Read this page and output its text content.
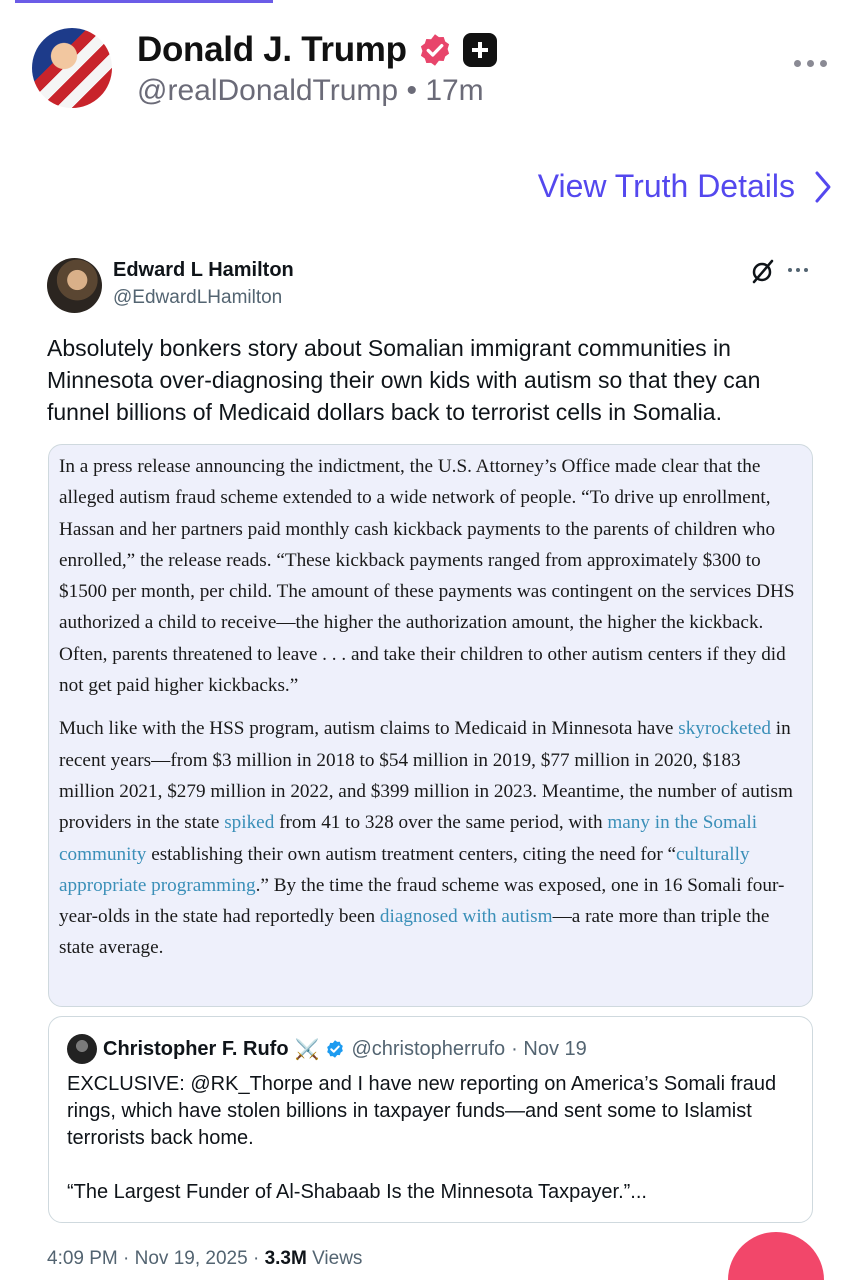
Donald J. Trump
@realDonaldTrump • 17m
View Truth Details
Edward L Hamilton
@EdwardLHamilton
Absolutely bonkers story about Somalian immigrant communities in Minnesota over-diagnosing their own kids with autism so that they can funnel billions of Medicaid dollars back to terrorist cells in Somalia.

In a press release announcing the indictment, the U.S. Attorney’s Office made clear that the alleged autism fraud scheme extended to a wide network of people. “To drive up enrollment, Hassan and her partners paid monthly cash kickback payments to the parents of children who enrolled,” the release reads. “These kickback payments ranged from approximately $300 to $1500 per month, per child. The amount of these payments was contingent on the services DHS authorized a child to receive—the higher the authorization amount, the higher the kickback. Often, parents threatened to leave . . . and take their children to other autism centers if they did not get paid higher kickbacks.”

Much like with the HSS program, autism claims to Medicaid in Minnesota have skyrocketed in recent years—from $3 million in 2018 to $54 million in 2019, $77 million in 2020, $183 million 2021, $279 million in 2022, and $399 million in 2023. Meantime, the number of autism providers in the state spiked from 41 to 328 over the same period, with many in the Somali community establishing their own autism treatment centers, citing the need for “culturally appropriate programming.” By the time the fraud scheme was exposed, one in 16 Somali four-year-olds in the state had reportedly been diagnosed with autism—a rate more than triple the state average.

Christopher F. Rufo ⚔️ @christopherrufo · Nov 19

EXCLUSIVE: @RK_Thorpe and I have new reporting on America’s Somali fraud rings, which have stolen billions in taxpayer funds—and sent some to Islamist terrorists back home.

“The Largest Funder of Al-Shabaab Is the Minnesota Taxpayer.”...

4:09 PM · Nov 19, 2025 · 3.3M Views
